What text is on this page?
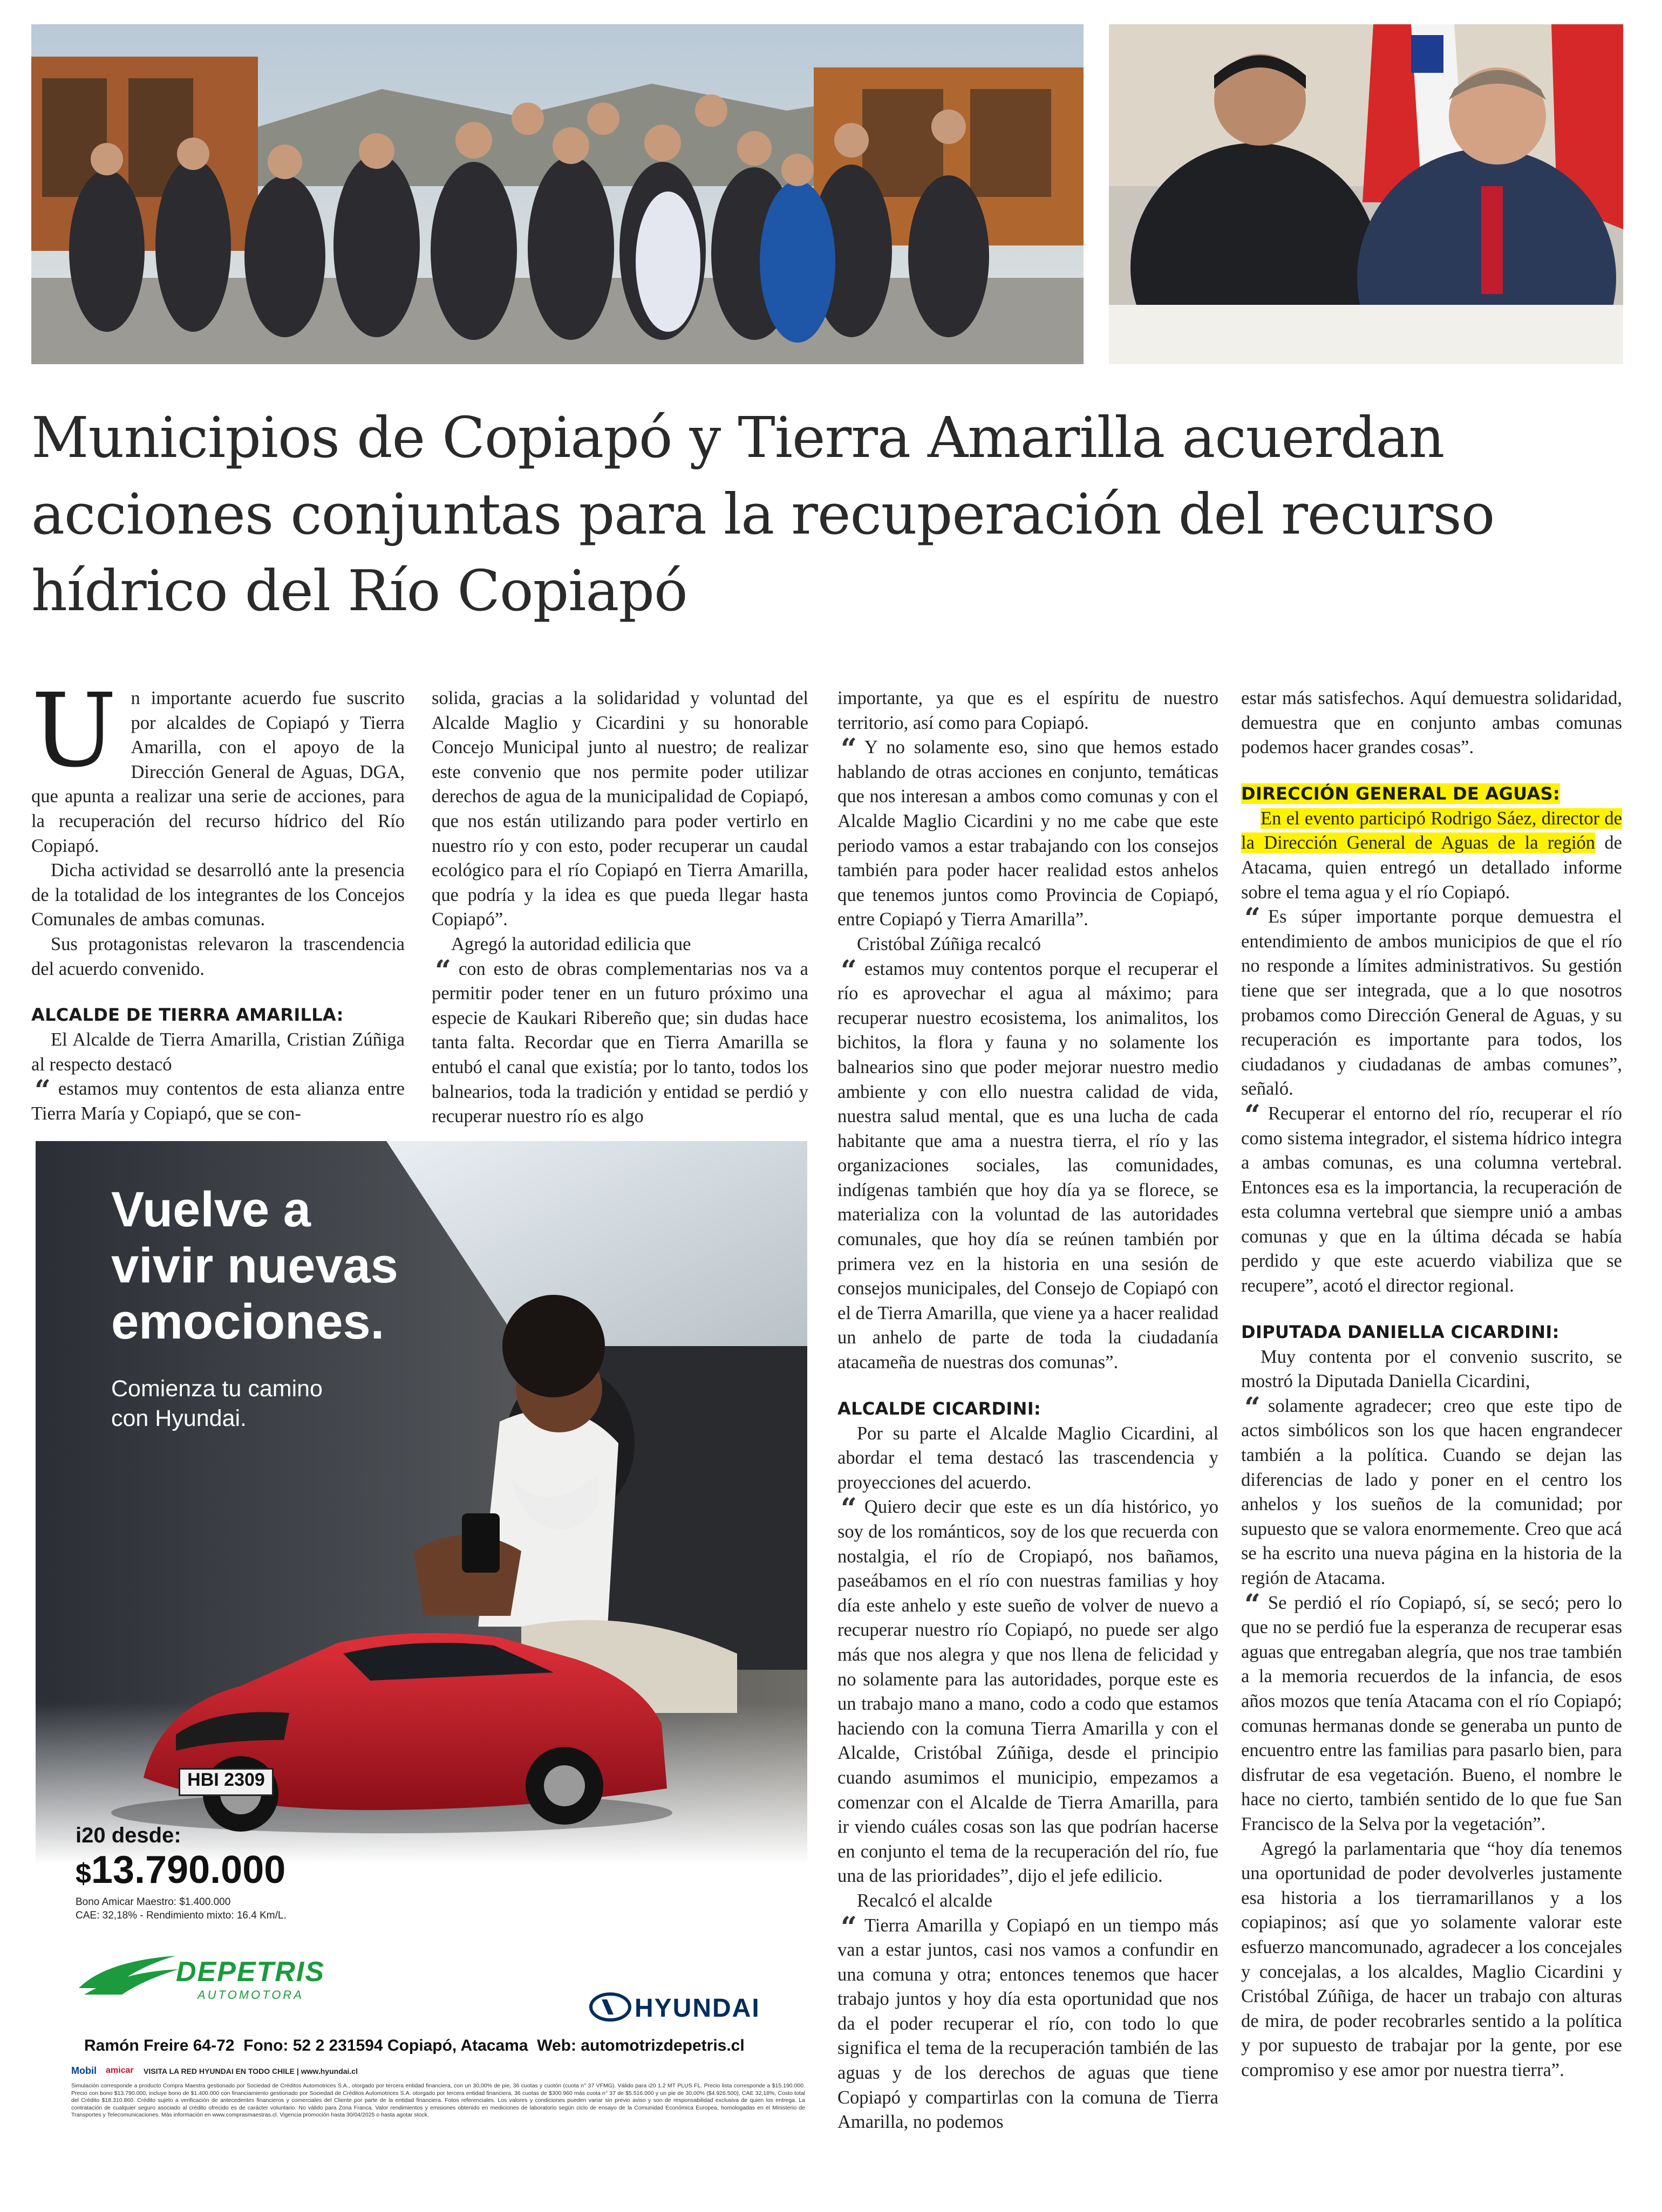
Municipios de Copiapó y Tierra Amarilla acuerdan acciones conjuntas para la recuperación del recurso hídrico del Río Copiapó

Un importante acuerdo fue suscrito por alcaldes de Copiapó y Tierra Amarilla, con el apoyo de la Dirección General de Aguas, DGA, que apunta a realizar una serie de acciones, para la recuperación del recurso hídrico del Río Copiapó.

Dicha actividad se desarrolló ante la presencia de la totalidad de los integrantes de los Concejos Comunales de ambas comunas.

Sus protagonistas relevaron la trascendencia del acuerdo convenido.

ALCALDE DE TIERRA AMARILLA:

El Alcalde de Tierra Amarilla, Cristian Zúñiga al respecto destacó

“ estamos muy contentos de esta alianza entre Tierra María y Copiapó, que se con-

solida, gracias a la solidaridad y voluntad del Alcalde Maglio y Cicardini y su honorable Concejo Municipal junto al nuestro; de realizar este convenio que nos permite poder utilizar derechos de agua de la municipalidad de Copiapó, que nos están utilizando para poder vertirlo en nuestro río y con esto, poder recuperar un caudal ecológico para el río Copiapó en Tierra Amarilla, que podría y la idea es que pueda llegar hasta Copiapó”.

Agregó la autoridad edilicia que

“ con esto de obras complementarias nos va a permitir poder tener en un futuro próximo una especie de Kaukari Ribereño que; sin dudas hace tanta falta. Recordar que en Tierra Amarilla se entubó el canal que existía; por lo tanto, todos los balnearios, toda la tradición y entidad se perdió y recuperar nuestro río es algo

importante, ya que es el espíritu de nuestro territorio, así como para Copiapó.

“ Y no solamente eso, sino que hemos estado hablando de otras acciones en conjunto, temáticas que nos interesan a ambos como comunas y con el Alcalde Maglio Cicardini y no me cabe que este periodo vamos a estar trabajando con los consejos también para poder hacer realidad estos anhelos que tenemos juntos como Provincia de Copiapó, entre Copiapó y Tierra Amarilla”.

Cristóbal Zúñiga recalcó

“ estamos muy contentos porque el recuperar el río es aprovechar el agua al máximo; para recuperar nuestro ecosistema, los animalitos, los bichitos, la flora y fauna y no solamente los balnearios sino que poder mejorar nuestro medio ambiente y con ello nuestra calidad de vida, nuestra salud mental, que es una lucha de cada habitante que ama a nuestra tierra, el río y las organizaciones sociales, las comunidades, indígenas también que hoy día ya se florece, se materializa con la voluntad de las autoridades comunales, que hoy día se reúnen también por primera vez en la historia en una sesión de consejos municipales, del Consejo de Copiapó con el de Tierra Amarilla, que viene ya a hacer realidad un anhelo de parte de toda la ciudadanía atacameña de nuestras dos comunas”.

ALCALDE CICARDINI:

Por su parte el Alcalde Maglio Cicardini, al abordar el tema destacó las trascendencia y proyecciones del acuerdo.

“ Quiero decir que este es un día histórico, yo soy de los románticos, soy de los que recuerda con nostalgia, el río de Cropiapó, nos bañamos, paseábamos en el río con nuestras familias y hoy día este anhelo y este sueño de volver de nuevo a recuperar nuestro río Copiapó, no puede ser algo más que nos alegra y que nos llena de felicidad y no solamente para las autoridades, porque este es un trabajo mano a mano, codo a codo que estamos haciendo con la comuna Tierra Amarilla y con el Alcalde, Cristóbal Zúñiga, desde el principio cuando asumimos el municipio, empezamos a comenzar con el Alcalde de Tierra Amarilla, para ir viendo cuáles cosas son las que podrían hacerse en conjunto el tema de la recuperación del río, fue una de las prioridades”, dijo el jefe edilicio.

Recalcó el alcalde

“ Tierra Amarilla y Copiapó en un tiempo más van a estar juntos, casi nos vamos a confundir en una comuna y otra; entonces tenemos que hacer trabajo juntos y hoy día esta oportunidad que nos da el poder recuperar el río, con todo lo que significa el tema de la recuperación también de las aguas y de los derechos de aguas que tiene Copiapó y compartirlas con la comuna de Tierra Amarilla, no podemos

estar más satisfechos. Aquí demuestra solidaridad, demuestra que en conjunto ambas comunas podemos hacer grandes cosas”.

DIRECCIÓN GENERAL DE AGUAS:

En el evento participó Rodrigo Sáez, director de la Dirección General de Aguas de la región de Atacama, quien entregó un detallado informe sobre el tema agua y el río Copiapó.

“ Es súper importante porque demuestra el entendimiento de ambos municipios de que el río no responde a límites administrativos. Su gestión tiene que ser integrada, que a lo que nosotros probamos como Dirección General de Aguas, y su recuperación es importante para todos, los ciudadanos y ciudadanas de ambas comunes”, señaló.

“ Recuperar el entorno del río, recuperar el río como sistema integrador, el sistema hídrico integra a ambas comunas, es una columna vertebral. Entonces esa es la importancia, la recuperación de esta columna vertebral que siempre unió a ambas comunas y que en la última década se había perdido y que este acuerdo viabiliza que se recupere”, acotó el director regional.

DIPUTADA DANIELLA CICARDINI:

Muy contenta por el convenio suscrito, se mostró la Diputada Daniella Cicardini,

“ solamente agradecer; creo que este tipo de actos simbólicos son los que hacen engrandecer también a la política. Cuando se dejan las diferencias de lado y poner en el centro los anhelos y los sueños de la comunidad; por supuesto que se valora enormemente. Creo que acá se ha escrito una nueva página en la historia de la región de Atacama.

“ Se perdió el río Copiapó, sí, se secó; pero lo que no se perdió fue la esperanza de recuperar esas aguas que entregaban alegría, que nos trae también a la memoria recuerdos de la infancia, de esos años mozos que tenía Atacama con el río Copiapó; comunas hermanas donde se generaba un punto de encuentro entre las familias para pasarlo bien, para disfrutar de esa vegetación. Bueno, el nombre le hace no cierto, también sentido de lo que fue San Francisco de la Selva por la vegetación”.

Agregó la parlamentaria que “hoy día tenemos una oportunidad de poder devolverles justamente esa historia a los tierramarillanos y a los copiapinos; así que yo solamente valorar este esfuerzo mancomunado, agradecer a los concejales y concejalas, a los alcaldes, Maglio Cicardini y Cristóbal Zúñiga, de hacer un trabajo con alturas de mira, de poder recobrarles sentido a la política y por supuesto de trabajar por la gente, por ese compromiso y ese amor por nuestra tierra”.

HBI 2309
Vuelve a
vivir nuevas
emociones.
Comienza tu camino
con Hyundai.
i20 desde:
$13.790.000
Bono Amicar Maestro: $1.400.000
CAE: 32,18% - Rendimiento mixto: 16.4 Km/L.
DEPETRIS
AUTOMOTORA	HYUNDAI
Ramón Freire 64-72  Fono: 52 2 231594 Copiapó, Atacama  Web: automotrizdepetris.cl
Mobil amicar VISITA LA RED HYUNDAI EN TODO CHILE | www.hyundai.cl
Simulación corresponde a producto Compra Maestra gestionado por Sociedad de Créditos Automotrices S.A., otorgado por tercera entidad financiera, con un 30,00% de pie, 36 cuotas y cuotón (cuota n° 37 VFMG). Válido para i20 1.2 MT PLUS FL. Precio lista corresponde a $15.190.000. Precio con bono $13.790.000, incluye bono de $1.400.000 con financiamiento gestionado por Sociedad de Créditos Automotrices S.A. otorgado por tercera entidad financiera, 36 cuotas de $300.960 más cuota n° 37 de $5.516.000 y un pie de 30,00% ($4.926.500), CAE 32,18%, Costo total del Crédito $18.310.860. Crédito sujeto a verificación de antecedentes financieros y comerciales del Cliente por parte de la entidad financiera. Fotos referenciales. Los valores y condiciones pueden variar sin previo aviso y son de responsabilidad exclusiva de quien los entrega. La contratación de cualquier seguro asociado al crédito ofrecido es de carácter voluntario. No válido para Zona Franca. Valor rendimientos y emisiones obtenido en mediciones de laboratorio según ciclo de ensayo de la Comunidad Económica Europea, homologadas en el Ministerio de Transportes y Telecomunicaciones. Más información en www.comprasmaestras.cl. Vigencia promoción hasta 30/04/2025 o hasta agotar stock.
